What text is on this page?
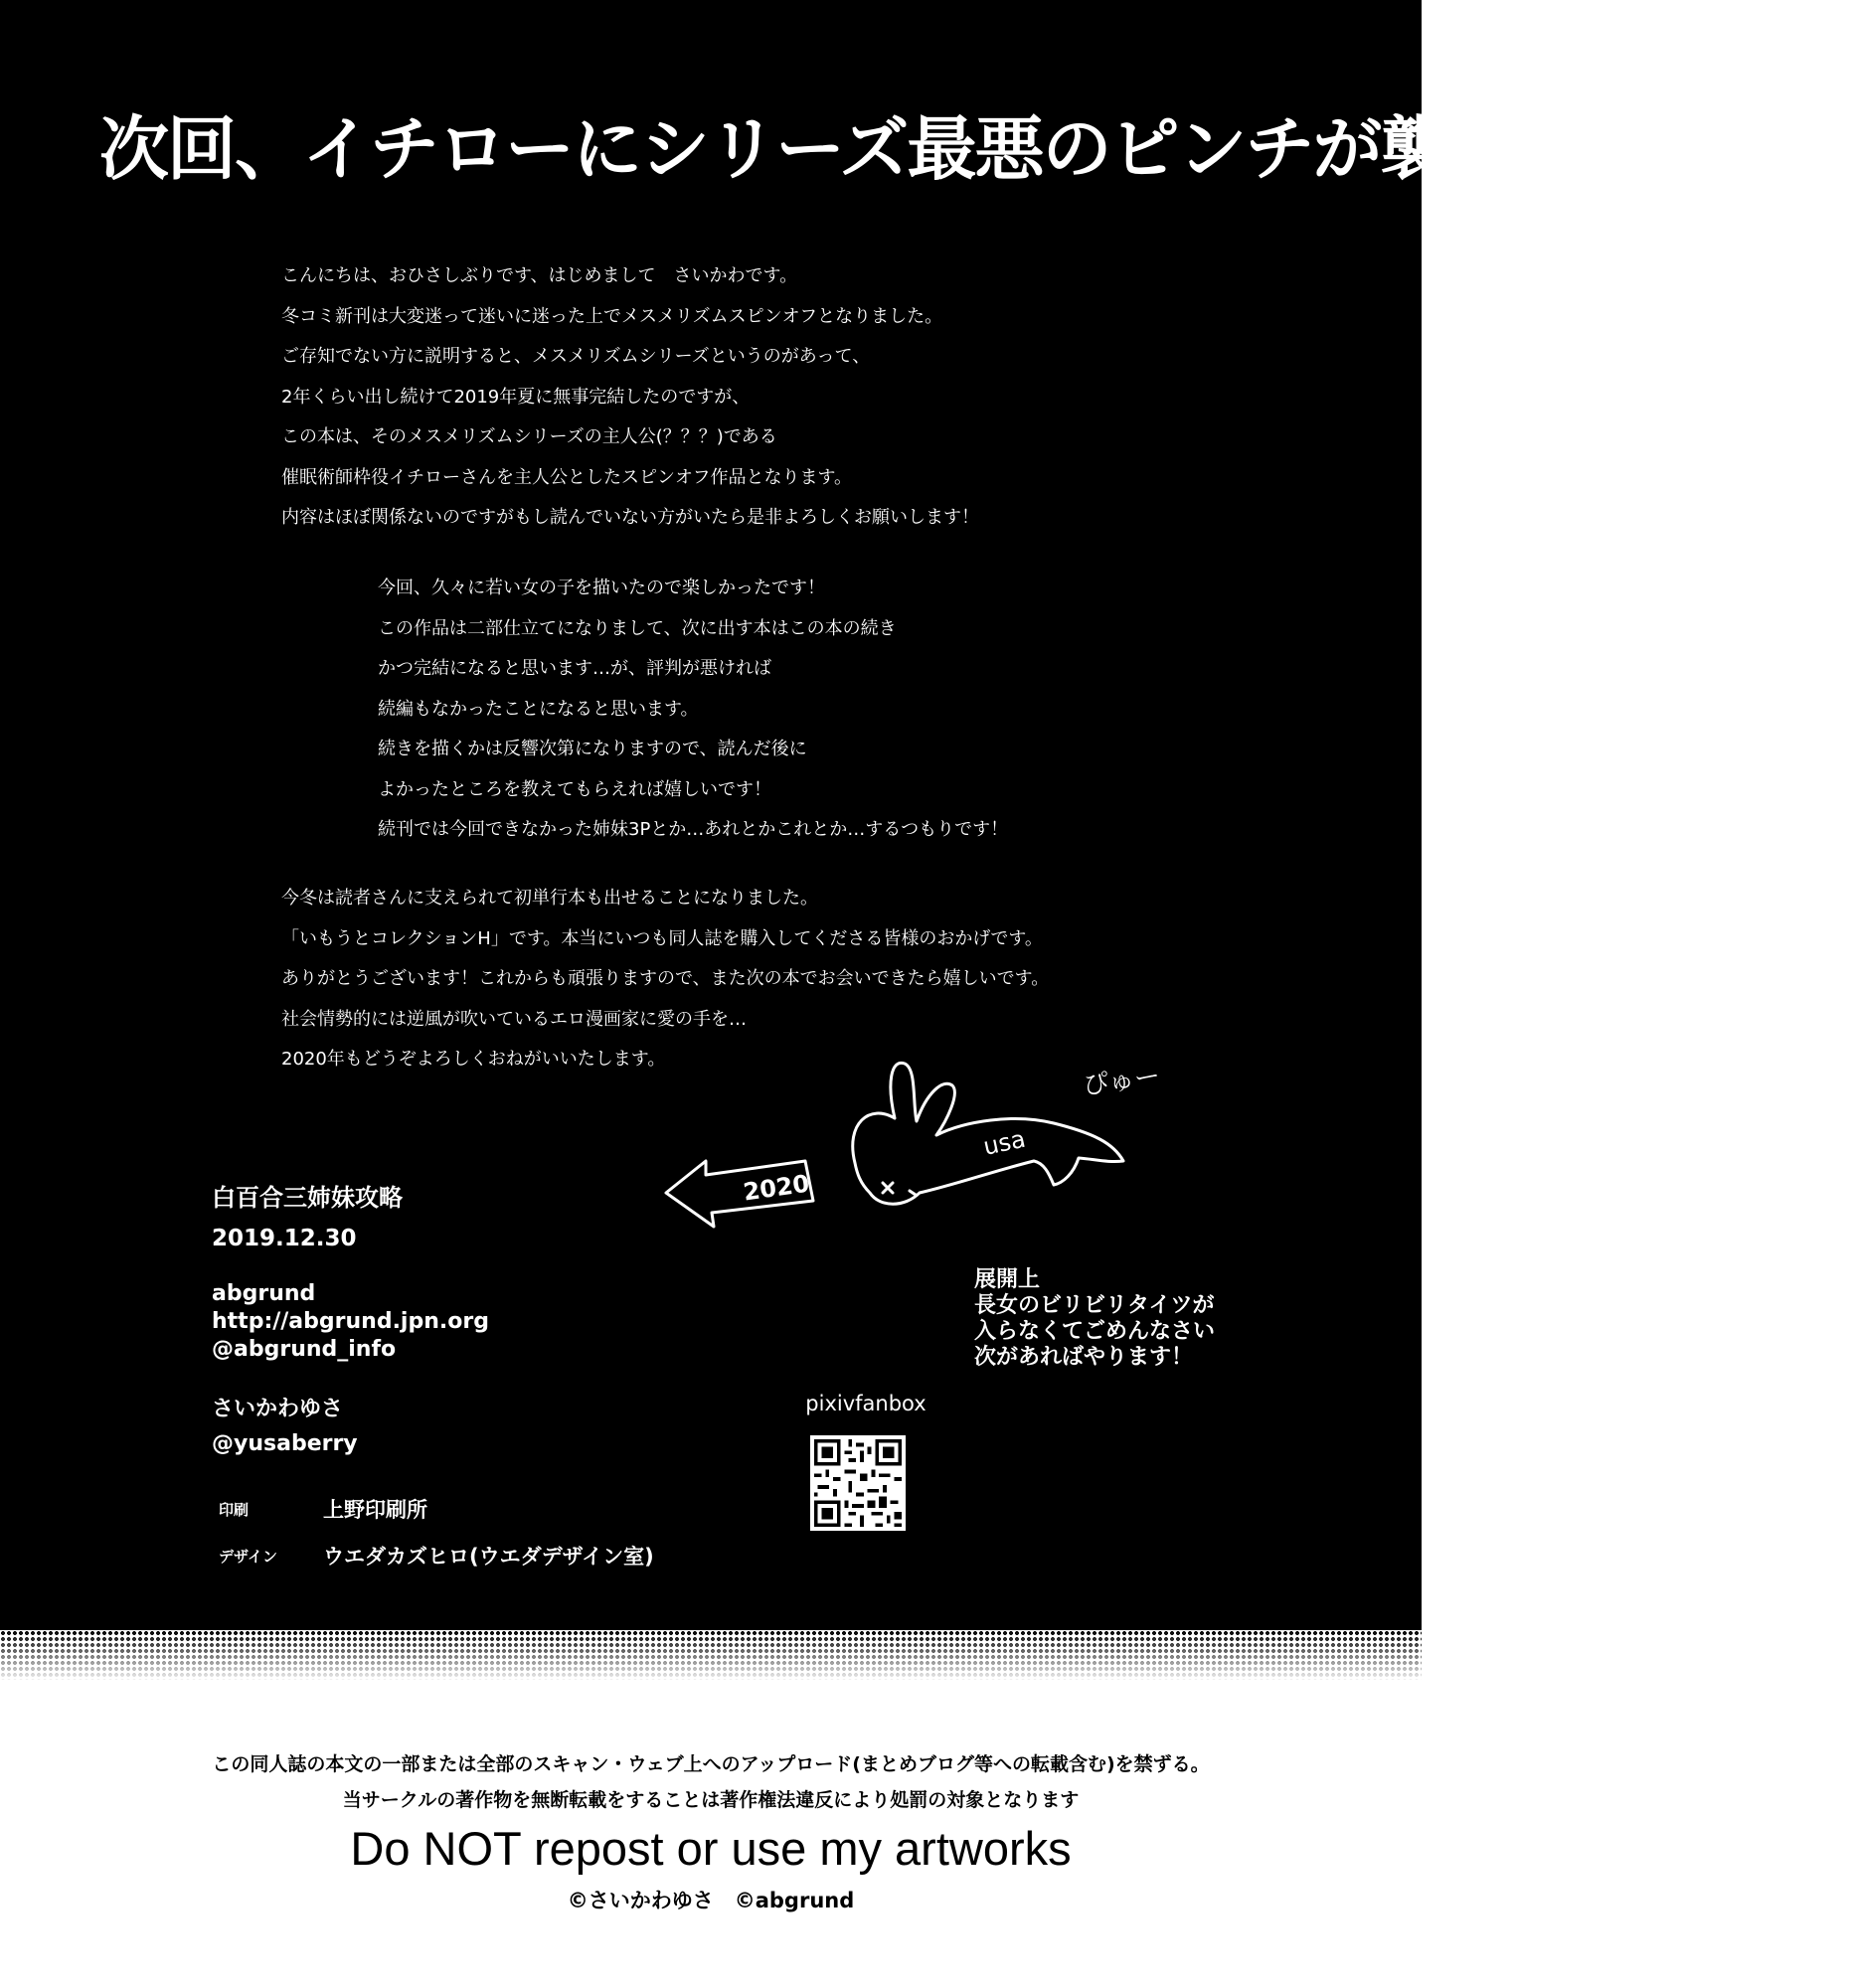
次回、イチローにシリーズ最悪のピンチが襲いかかる…！
こんにちは、おひさしぶりです、はじめまして　さいかわです。
冬コミ新刊は大変迷って迷いに迷った上でメスメリズムスピンオフとなりました。
ご存知でない方に説明すると、メスメリズムシリーズというのがあって、
2年くらい出し続けて2019年夏に無事完結したのですが、
この本は、そのメスメリズムシリーズの主人公(？？？)である
催眠術師枠役イチローさんを主人公としたスピンオフ作品となります。
内容はほぼ関係ないのですがもし読んでいない方がいたら是非よろしくお願いします！
今回、久々に若い女の子を描いたので楽しかったです！
この作品は二部仕立てになりまして、次に出す本はこの本の続き
かつ完結になると思います…が、評判が悪ければ
続編もなかったことになると思います。
続きを描くかは反響次第になりますので、読んだ後に
よかったところを教えてもらえれば嬉しいです！
続刊では今回できなかった姉妹3Pとか…あれとかこれとか…するつもりです！
今冬は読者さんに支えられて初単行本も出せることになりました。
「いもうとコレクションH」です。本当にいつも同人誌を購入してくださる皆様のおかげです。
ありがとうございます！これからも頑張りますので、また次の本でお会いできたら嬉しいです。
社会情勢的には逆風が吹いているエロ漫画家に愛の手を…
2020年もどうぞよろしくおねがいいたします。
2020
usa
ぴゅー
白百合三姉妹攻略
2019.12.30
abgrund
http://abgrund.jpn.org
@abgrund_info
さいかわゆさ
@yusaberry
印刷	上野印刷所
デザイン ウエダカズヒロ(ウエダデザイン室)
展開上
長女のビリビリタイツが
入らなくてごめんなさい
次があればやります！
pixivfanbox
この同人誌の本文の一部または全部のスキャン・ウェブ上へのアップロード(まとめブログ等への転載含む)を禁ずる。
当サークルの著作物を無断転載をすることは著作権法違反により処罰の対象となります
Do NOT repost or use my artworks
©さいかわゆさ　©abgrund
